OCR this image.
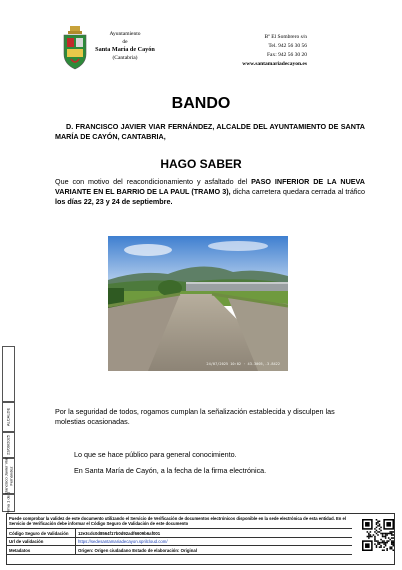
Ayuntamiento
de
Santa María de Cayón
(Cantabria)
Bº El Sombrero s/n
Tel. 942 56 30 56
Fax: 942 56 30 20
www.santamariadecayon.es
BANDO
D. FRANCISCO JAVIER VIAR FERNÁNDEZ, ALCALDE DEL AYUNTAMIENTO DE SANTA MARÍA DE CAYÓN, CANTABRIA,
HAGO SABER
Que con motivo del reacondicionamiento y asfaltado del PASO INFERIOR DE LA NUEVA VARIANTE EN EL BARRIO DE LA PAUL (TRAMO 3), dicha carretera quedara cerrada al tráfico los días 22, 23 y 24 de septiembre.
24/07/2025 10:02 · 43.3005,-3.8422
Por la seguridad de todos, rogamos cumplan la señalización establecida y disculpen las molestias ocasionadas.
Lo que se hace público para general conocimiento.
En Santa María de Cayón, a la fecha de la firma electrónica.
ALCALDE
22/09/2025
Francisco Javier Viar
Fernández
Firma 1 de 1
Puede comprobar la validez de este documento utilizando el Servicio de Verificación de documentos electrónicos disponible en la sede electrónica de esta entidad. En el Servicio de Verificación debe informar el Código Seguro de Validación de este documento
Código Seguro de Validación 12e3cdc0d8564f17b0d92adf6609b6af001
Url de validación	https://sedesantamariadecayon.sprilcloud.com/
Metadatos	Origen: Origen ciudadano Estado de elaboración: Original
